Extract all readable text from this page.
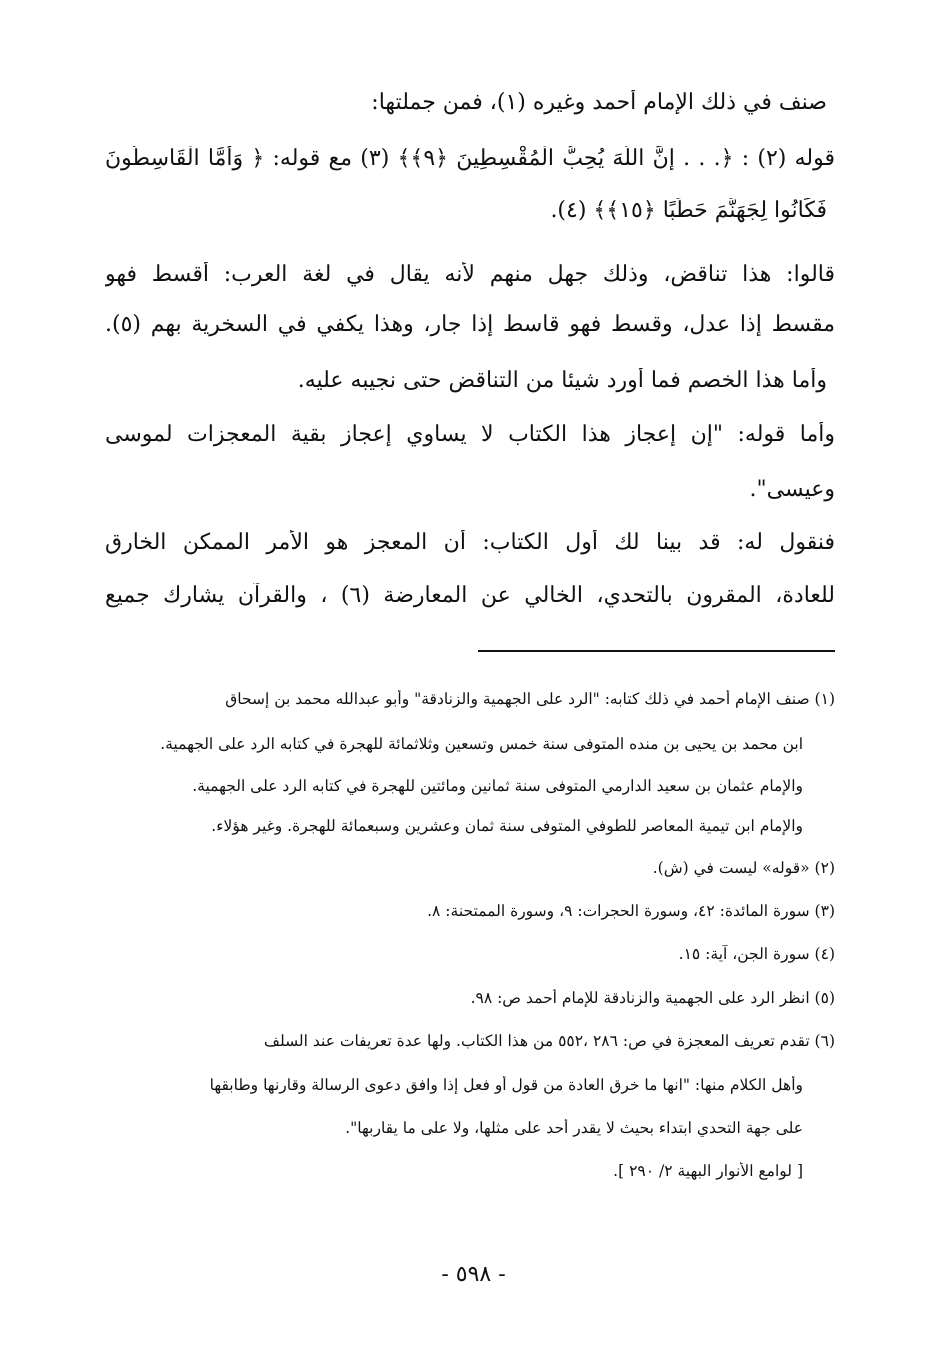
صنف في ذلك الإمام أحمد وغيره (١)، فمن جملتها:
قوله (٢) : ﴿. . . إنَّ اللَّهَ يُحِبُّ الْمُقْسِطِينَ ﴿٩﴾﴾ (٣) مع قوله: ﴿ وَأَمَّا الْقَاسِطُونَ
فَكَانُوا لِجَهَنَّمَ حَطَبًا ﴿١٥﴾﴾ (٤).
قالوا: هذا تناقض، وذلك جهل منهم لأنه يقال في لغة العرب: أقسط فهو
مقسط إذا عدل، وقسط فهو قاسط إذا جار، وهذا يكفي في السخرية بهم (٥).
وأما هذا الخصم فما أورد شيئا من التناقض حتى نجيبه عليه.
وأما قوله: "إن إعجاز هذا الكتاب لا يساوي إعجاز بقية المعجزات لموسى
وعيسى".
فنقول له: قد بينا لك أول الكتاب: أن المعجز هو الأمر الممكن الخارق
للعادة، المقرون بالتحدي، الخالي عن المعارضة (٦) ، والقرآن يشارك جميع
(١) صنف الإمام أحمد في ذلك كتابه: "الرد على الجهمية والزنادقة" وأبو عبدالله محمد بن إسحاق
ابن محمد بن يحيى بن منده المتوفى سنة خمس وتسعين وثلاثمائة للهجرة في كتابه الرد على الجهمية.
والإمام عثمان بن سعيد الدارمي المتوفى سنة ثمانين ومائتين للهجرة في كتابه الرد على الجهمية.
والإمام ابن تيمية المعاصر للطوفي المتوفى سنة ثمان وعشرين وسبعمائة للهجرة. وغير هؤلاء.
(٢) «قوله» ليست في (ش).
(٣) سورة المائدة: ٤٢، وسورة الحجرات: ٩، وسورة الممتحنة: ٨.
(٤) سورة الجن، آية: ١٥.
(٥) انظر الرد على الجهمية والزنادقة للإمام أحمد ص: ٩٨.
(٦) تقدم تعريف المعجزة في ص: ٢٨٦ ،٥٥٢ من هذا الكتاب. ولها عدة تعريفات عند السلف
وأهل الكلام منها: "انها ما خرق العادة من قول أو فعل إذا وافق دعوى الرسالة وقارنها وطابقها
على جهة التحدي ابتداء بحيث لا يقدر أحد على مثلها، ولا على ما يقاربها".
[ لوامع الأنوار البهية ٢/ ٢٩٠ ].
- ٥٩٨ -
